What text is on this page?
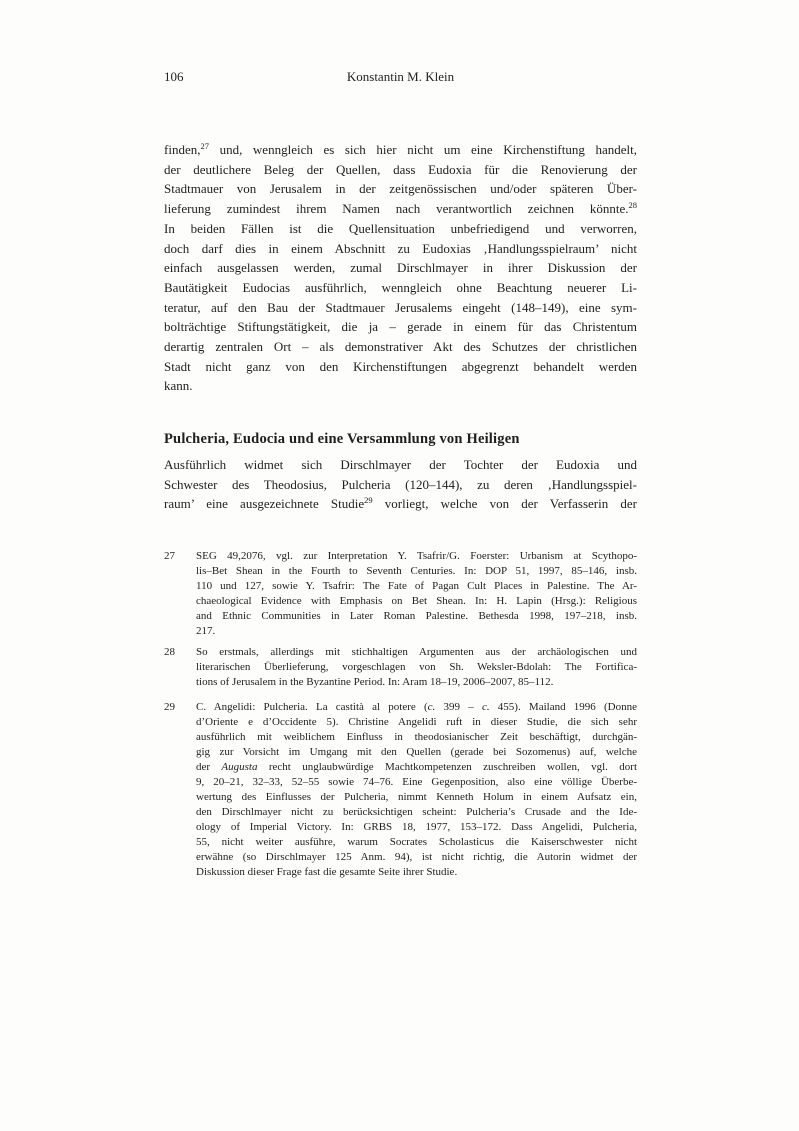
106	Konstantin M. Klein
finden,$^{27}$ und, wenngleich es sich hier nicht um eine Kirchenstiftung handelt,
der deutlichere Beleg der Quellen, dass Eudoxia für die Renovierung der
Stadtmauer von Jerusalem in der zeitgenössischen und/oder späteren Über-
lieferung zumindest ihrem Namen nach verantwortlich zeichnen könnte.$^{28}$
In beiden Fällen ist die Quellensituation unbefriedigend und verworren,
doch darf dies in einem Abschnitt zu Eudoxias ‚Handlungsspielraum’ nicht
einfach ausgelassen werden, zumal Dirschlmayer in ihrer Diskussion der
Bautätigkeit Eudocias ausführlich, wenngleich ohne Beachtung neuerer Li-
teratur, auf den Bau der Stadtmauer Jerusalems eingeht (148–149), eine sym-
bolträchtige Stiftungstätigkeit, die ja – gerade in einem für das Christentum
derartig zentralen Ort – als demonstrativer Akt des Schutzes der christlichen
Stadt nicht ganz von den Kirchenstiftungen abgegrenzt behandelt werden
kann.
Pulcheria, Eudocia und eine Versammlung von Heiligen
Ausführlich widmet sich Dirschlmayer der Tochter der Eudoxia und
Schwester des Theodosius, Pulcheria (120–144), zu deren ‚Handlungsspiel-
raum’ eine ausgezeichnete Studie$^{29}$ vorliegt, welche von der Verfasserin der
27 SEG 49,2076, vgl. zur Interpretation Y. Tsafrir/G. Foerster: Urbanism at Scythopo-
lis–Bet Shean in the Fourth to Seventh Centuries. In: DOP 51, 1997, 85–146, insb.
110 und 127, sowie Y. Tsafrir: The Fate of Pagan Cult Places in Palestine. The Ar-
chaeological Evidence with Emphasis on Bet Shean. In: H. Lapin (Hrsg.): Religious
and Ethnic Communities in Later Roman Palestine. Bethesda 1998, 197–218, insb.
217.
28 So erstmals, allerdings mit stichhaltigen Argumenten aus der archäologischen und
literarischen Überlieferung, vorgeschlagen von Sh. Weksler-Bdolah: The Fortifica-
tions of Jerusalem in the Byzantine Period. In: Aram 18–19, 2006–2007, 85–112.
29 C. Angelidi: Pulcheria. La castità al potere (c. 399 – c. 455). Mailand 1996 (Donne
d’Oriente e d’Occidente 5). Christine Angelidi ruft in dieser Studie, die sich sehr
ausführlich mit weiblichem Einfluss in theodosianischer Zeit beschäftigt, durchgän-
gig zur Vorsicht im Umgang mit den Quellen (gerade bei Sozomenus) auf, welche
der Augusta recht unglaubwürdige Machtkompetenzen zuschreiben wollen, vgl. dort
9, 20–21, 32–33, 52–55 sowie 74–76. Eine Gegenposition, also eine völlige Überbe-
wertung des Einflusses der Pulcheria, nimmt Kenneth Holum in einem Aufsatz ein,
den Dirschlmayer nicht zu berücksichtigen scheint: Pulcheria’s Crusade and the Ide-
ology of Imperial Victory. In: GRBS 18, 1977, 153–172. Dass Angelidi, Pulcheria,
55, nicht weiter ausführe, warum Socrates Scholasticus die Kaiserschwester nicht
erwähne (so Dirschlmayer 125 Anm. 94), ist nicht richtig, die Autorin widmet der
Diskussion dieser Frage fast die gesamte Seite ihrer Studie.
